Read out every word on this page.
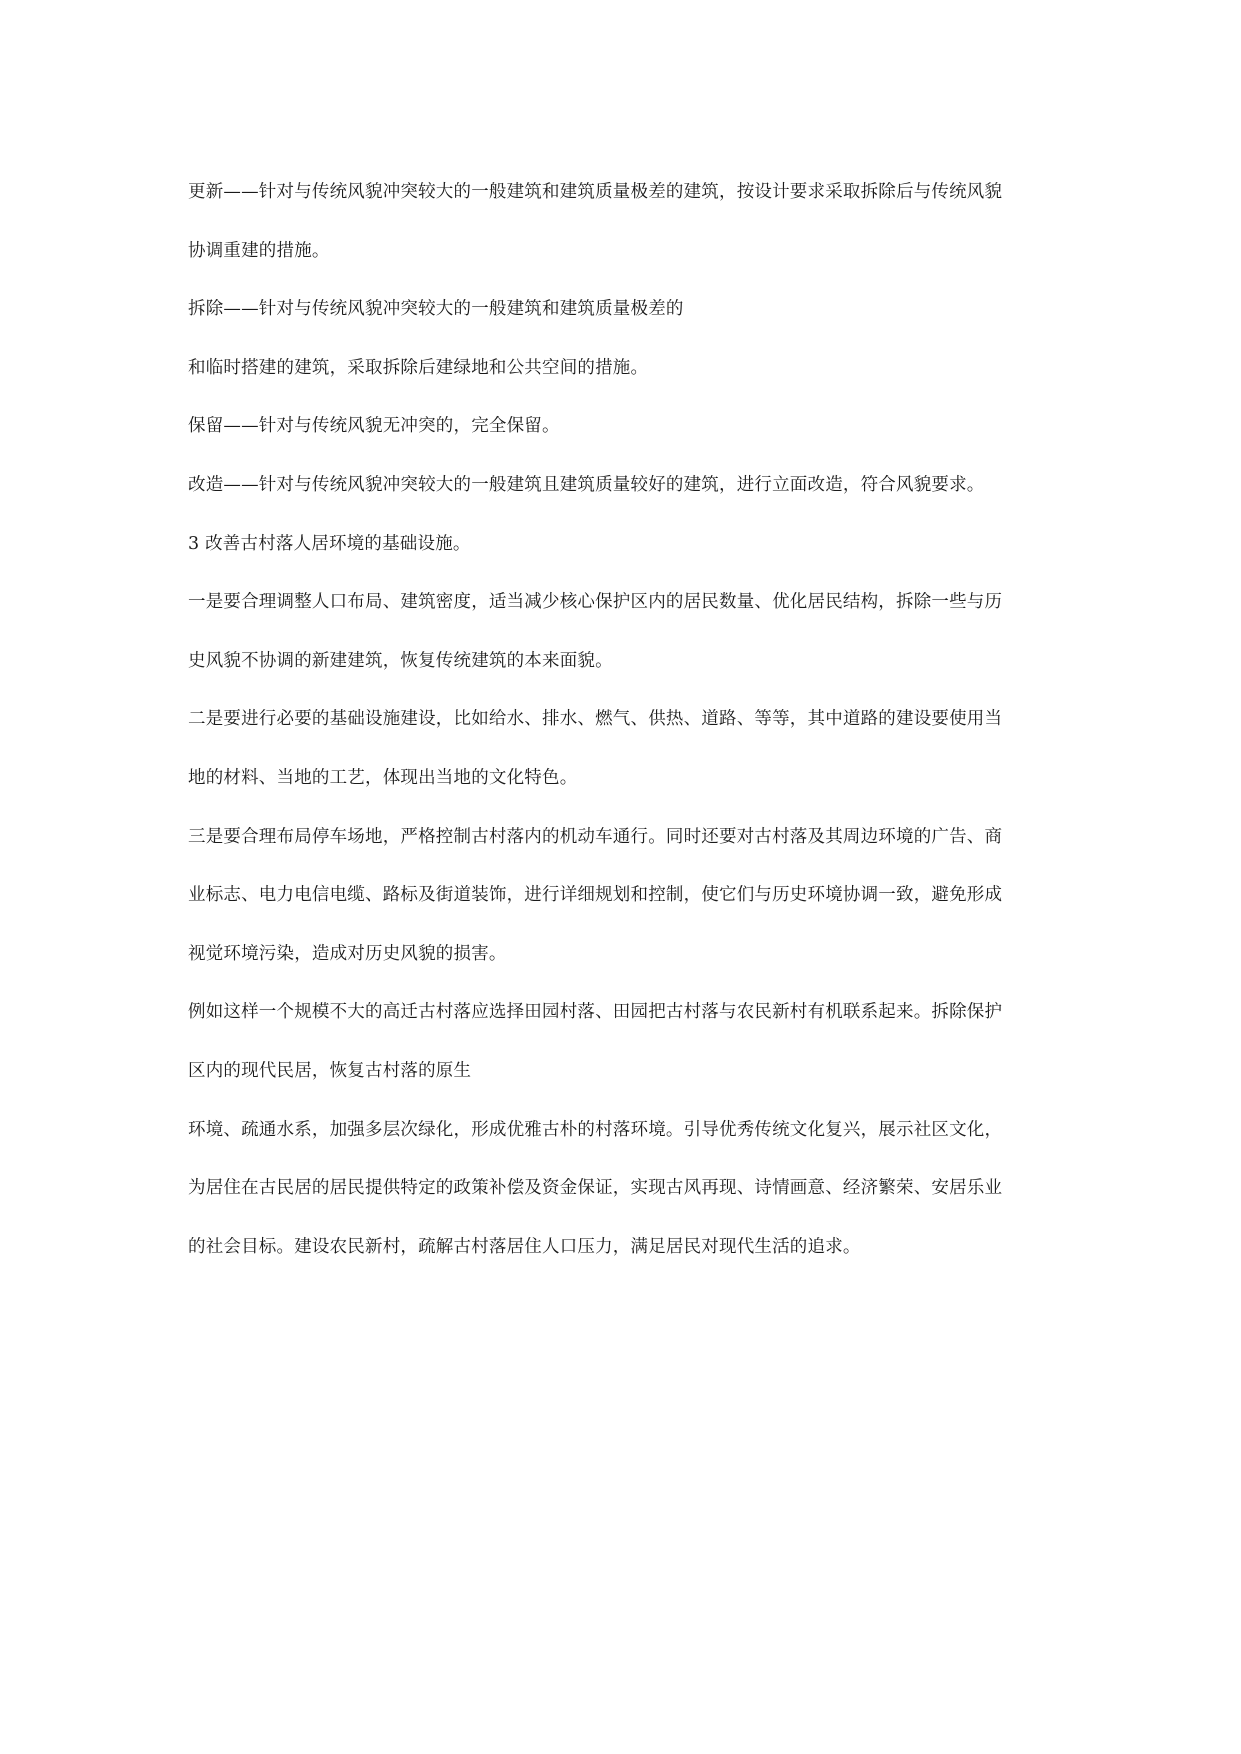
更新——针对与传统风貌冲突较大的一般建筑和建筑质量极差的建筑，按设计要求采取拆除后与传统风貌
协调重建的措施。
拆除——针对与传统风貌冲突较大的一般建筑和建筑质量极差的
和临时搭建的建筑，采取拆除后建绿地和公共空间的措施。
保留——针对与传统风貌无冲突的，完全保留。
改造——针对与传统风貌冲突较大的一般建筑且建筑质量较好的建筑，进行立面改造，符合风貌要求。
3 改善古村落人居环境的基础设施。
一是要合理调整人口布局、建筑密度，适当减少核心保护区内的居民数量、优化居民结构，拆除一些与历
史风貌不协调的新建建筑，恢复传统建筑的本来面貌。
二是要进行必要的基础设施建设，比如给水、排水、燃气、供热、道路、等等，其中道路的建设要使用当
地的材料、当地的工艺，体现出当地的文化特色。
三是要合理布局停车场地，严格控制古村落内的机动车通行。同时还要对古村落及其周边环境的广告、商
业标志、电力电信电缆、路标及街道装饰，进行详细规划和控制，使它们与历史环境协调一致，避免形成
视觉环境污染，造成对历史风貌的损害。
例如这样一个规模不大的高迁古村落应选择田园村落、田园把古村落与农民新村有机联系起来。拆除保护
区内的现代民居，恢复古村落的原生
环境、疏通水系，加强多层次绿化，形成优雅古朴的村落环境。引导优秀传统文化复兴，展示社区文化，
为居住在古民居的居民提供特定的政策补偿及资金保证，实现古风再现、诗情画意、经济繁荣、安居乐业
的社会目标。建设农民新村，疏解古村落居住人口压力，满足居民对现代生活的追求。
